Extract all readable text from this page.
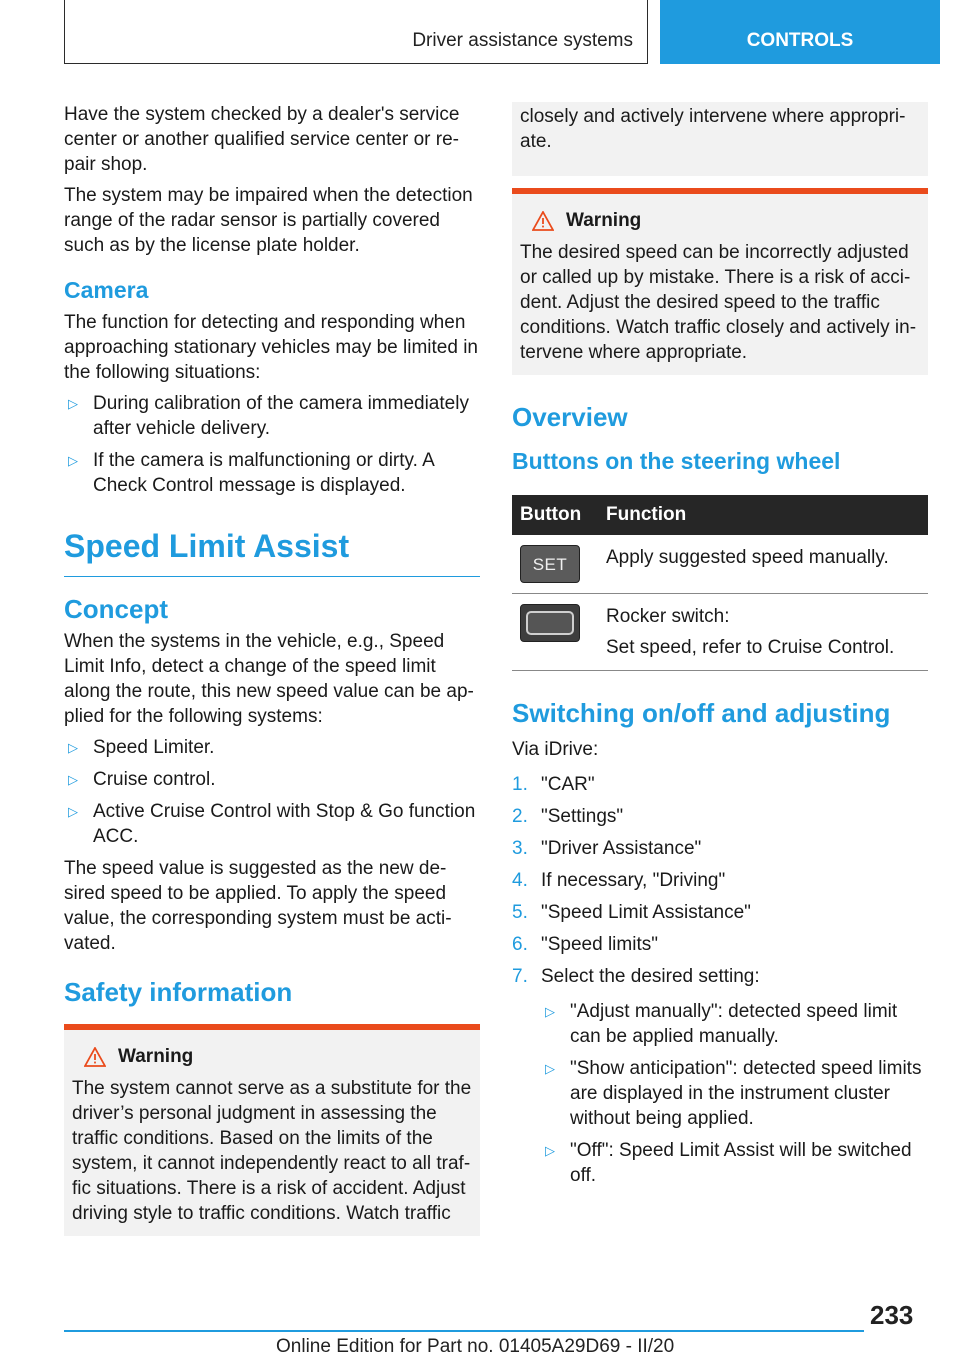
Driver assistance systems	CONTROLS

Have the system checked by a dealer's service center or another qualified service center or repair shop.

The system may be impaired when the detection range of the radar sensor is partially covered such as by the license plate holder.

Camera

The function for detecting and responding when approaching stationary vehicles may be limited in the following situations:

▷ During calibration of the camera immediately after vehicle delivery.
▷ If the camera is malfunctioning or dirty. A Check Control message is displayed.
Speed Limit Assist
Concept

When the systems in the vehicle, e.g., Speed Limit Info, detect a change of the speed limit along the route, this new speed value can be applied for the following systems:

▷ Speed Limiter.
▷ Cruise control.
▷ Active Cruise Control with Stop & Go function ACC.

The speed value is suggested as the new desired speed to be applied. To apply the speed value, the corresponding system must be activated.

Safety information
Warning

The system cannot serve as a substitute for the driver’s personal judgment in assessing the traffic conditions. Based on the limits of the system, it cannot independently react to all traffic situations. There is a risk of accident. Adjust driving style to traffic conditions. Watch traffic

closely and actively intervene where appropriate.

Warning

The desired speed can be incorrectly adjusted or called up by mistake. There is a risk of accident. Adjust the desired speed to the traffic conditions. Watch traffic closely and actively intervene where appropriate.

Overview
Buttons on the steering wheel
Button	Function

SET	Apply suggested speed manually.

	Rocker switch:
Set speed, refer to Cruise Control.
Switching on/off and adjusting

Via iDrive:

1. "CAR"
2. "Settings"
3. "Driver Assistance"
4. If necessary, "Driving"
5. "Speed Limit Assistance"
6. "Speed limits"
7. Select the desired setting:
▷ "Adjust manually": detected speed limit can be applied manually.
▷ "Show anticipation": detected speed limits are displayed in the instrument cluster without being applied.
▷ "Off": Speed Limit Assist will be switched off.
233
Online Edition for Part no. 01405A29D69 - II/20
